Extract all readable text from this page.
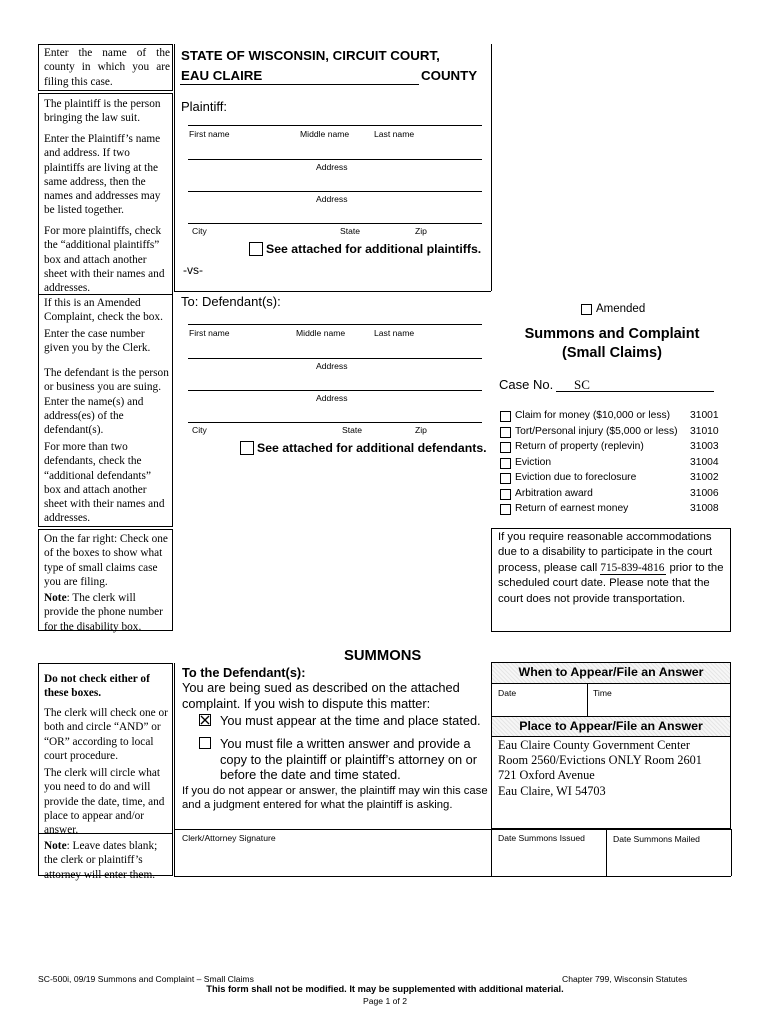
Enter the name of the county in which you are filing this case.
The plaintiff is the person bringing the law suit.
Enter the Plaintiff’s name and address. If two plaintiffs are living at the same address, then the names and addresses may be listed together.
For more plaintiffs, check the “additional plaintiffs” box and attach another sheet with their names and addresses.
If this is an Amended Complaint, check the box.
Enter the case number given you by the Clerk.
The defendant is the person or business you are suing. Enter the name(s) and address(es) of the defendant(s).
For more than two defendants, check the “additional defendants” box and attach another sheet with their names and addresses.
On the far right: Check one of the boxes to show what type of small claims case you are filing.
Note: The clerk will provide the phone number for the disability box.
STATE OF WISCONSIN, CIRCUIT COURT,
EAU CLAIRE	COUNTY
Plaintiff:
First name	Middle name	Last name
Address
Address
City	State	Zip
See attached for additional plaintiffs.
-vs-
To: Defendant(s):
First name	Middle name	Last name
Address
Address
City	State	Zip
See attached for additional defendants.
Amended
Summons and Complaint
(Small Claims)
Case No. SC
Claim for money ($10,000 or less) 31001
Tort/Personal injury ($5,000 or less) 31010
Return of property (replevin)	31003
Eviction	31004
Eviction due to foreclosure	31002
Arbitration award	31006
Return of earnest money	31008
If you require reasonable accommodations due to a disability to participate in the court process, please call 715-839-4816 prior to the scheduled court date. Please note that the court does not provide transportation.
SUMMONS
Do not check either of these boxes.
The clerk will check one or both and circle “AND” or “OR” according to local court procedure.
The clerk will circle what you need to do and will provide the date, time, and place to appear and/or answer.
Note: Leave dates blank; the clerk or plaintiff’s attorney will enter them.
To the Defendant(s):
You are being sued as described on the attached complaint. If you wish to dispute this matter:
You must appear at the time and place stated.
You must file a written answer and provide a copy to the plaintiff or plaintiff’s attorney on or before the date and time stated.
If you do not appear or answer, the plaintiff may win this case and a judgment entered for what the plaintiff is asking.
When to Appear/File an Answer
Date	Time
Place to Appear/File an Answer
Eau Claire County Government Center
Room 2560/Evictions ONLY Room 2601
721 Oxford Avenue
Eau Claire, WI 54703
Clerk/Attorney Signature	Date Summons Issued	Date Summons Mailed
SC-500i, 09/19 Summons and Complaint – Small Claims	Chapter 799, Wisconsin Statutes
This form shall not be modified. It may be supplemented with additional material.
Page 1 of 2
